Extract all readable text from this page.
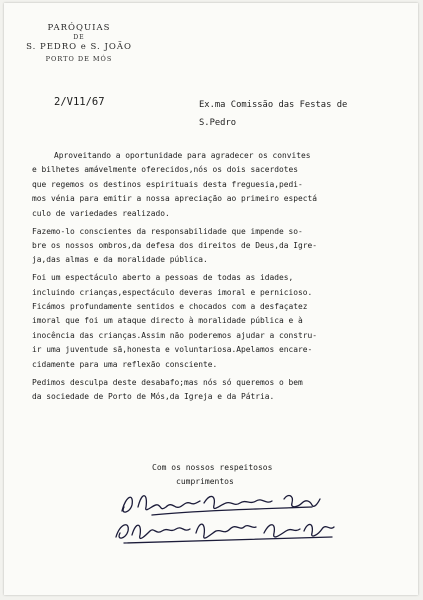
PARÓQUIAS
DE
S. PEDRO e S. JOÃO
PORTO DE MÓS
2/V11/67	Ex.ma Comissão das Festas de
S.Pedro

Aproveitando a oportunidade para agradecer os convites
e bilhetes amávelmente oferecidos,nós os dois sacerdotes
que regemos os destinos espirituais desta freguesia,pedi-
mos vénia para emitir a nossa apreciação ao primeiro espectá
culo de variedades realizado.

Fazemo-lo conscientes da responsabilidade que impende so-
bre os nossos ombros,da defesa dos direitos de Deus,da Igre-
ja,das almas e da moralidade pública.

Foi um espectáculo aberto a pessoas de todas as idades,
incluindo crianças,espectáculo deveras imoral e pernicioso.
Ficámos profundamente sentidos e chocados com a desfaçatez
imoral que foi um ataque directo à moralidade pública e à
inocência das crianças.Assim não poderemos ajudar a constru-
ir uma juventude sã,honesta e voluntariosa.Apelamos encare-
cidamente para uma reflexão consciente.

Pedimos desculpa deste desabafo;mas nós só queremos o bem
da sociedade de Porto de Mós,da Igreja e da Pátria.

Com os nossos respeitosos
cumprimentos
